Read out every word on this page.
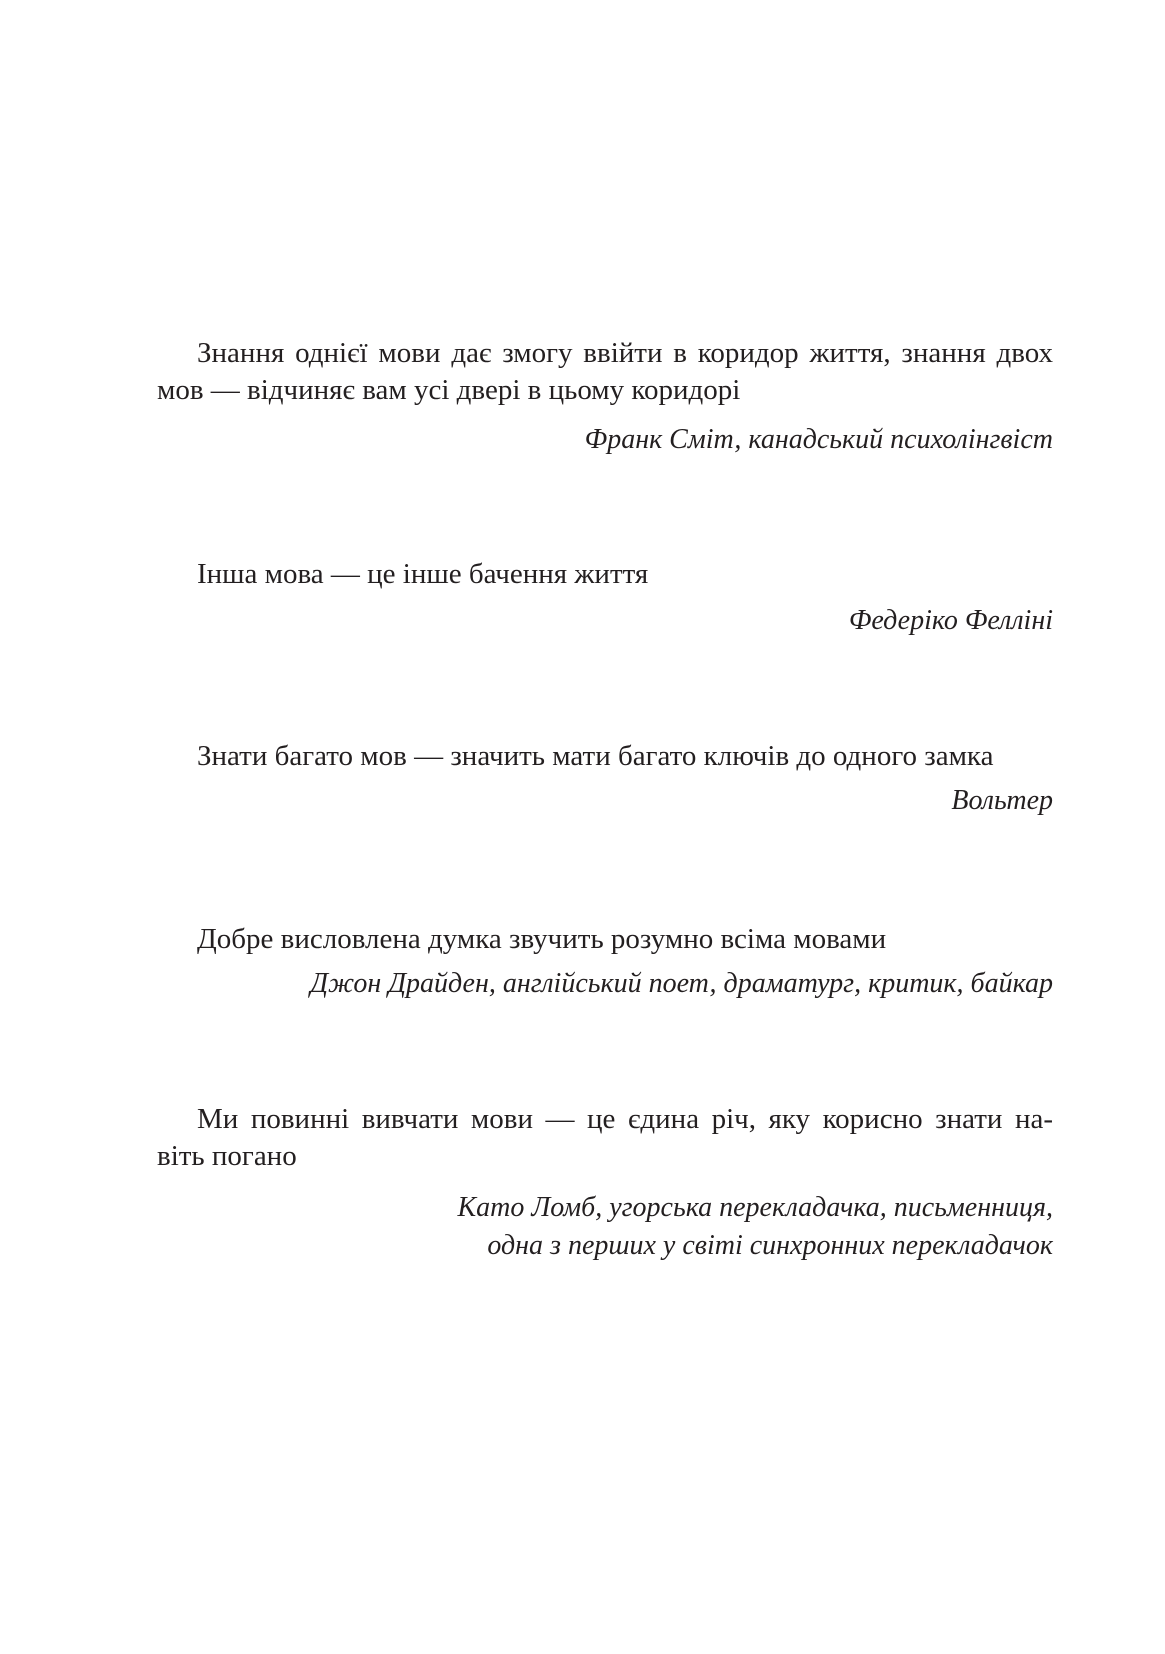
Знання однієї мови дає змогу ввійти в коридор життя, знання двох
мов — відчиняє вам усі двері в цьому коридорі

Франк Сміт, канадський психолінгвіст

Інша мова — це інше бачення життя

Федеріко Фелліні

Знати багато мов — значить мати багато ключів до одного замка

Вольтер

Добре висловлена думка звучить розумно всіма мовами

Джон Драйден, англійський поет, драматург, критик, байкар

Ми повинні вивчати мови — це єдина річ, яку корисно знати на-
віть погано

Като Ломб, угорська перекладачка, письменниця,
одна з перших у світі синхронних перекладачок
